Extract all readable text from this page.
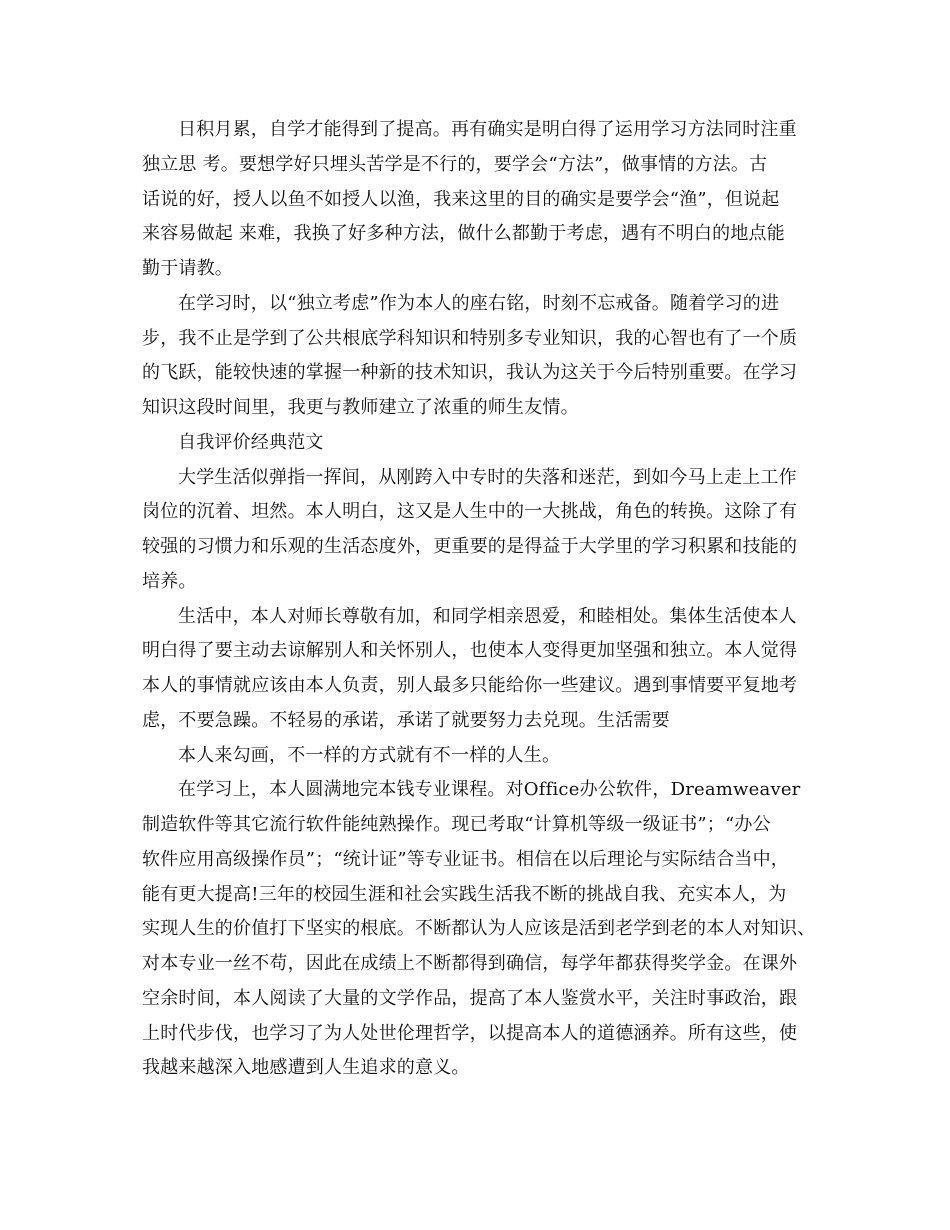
日积月累，自学才能得到了提高。再有确实是明白得了运用学习方法同时注重
独立思 考。要想学好只埋头苦学是不行的，要学会“方法”，做事情的方法。古
话说的好，授人以鱼不如授人以渔，我来这里的目的确实是要学会“渔”，但说起
来容易做起 来难，我换了好多种方法，做什么都勤于考虑，遇有不明白的地点能
勤于请教。
在学习时，以“独立考虑”作为本人的座右铭，时刻不忘戒备。随着学习的进
步，我不止是学到了公共根底学科知识和特别多专业知识，我的心智也有了一个质
的飞跃，能较快速的掌握一种新的技术知识，我认为这关于今后特别重要。在学习
知识这段时间里，我更与教师建立了浓重的师生友情。
自我评价经典范文
大学生活似弹指一挥间，从刚跨入中专时的失落和迷茫，到如今马上走上工作
岗位的沉着、坦然。本人明白，这又是人生中的一大挑战，角色的转换。这除了有
较强的习惯力和乐观的生活态度外，更重要的是得益于大学里的学习积累和技能的
培养。
生活中，本人对师长尊敬有加，和同学相亲恩爱，和睦相处。集体生活使本人
明白得了要主动去谅解别人和关怀别人，也使本人变得更加坚强和独立。本人觉得
本人的事情就应该由本人负责，别人最多只能给你一些建议。遇到事情要平复地考
虑，不要急躁。不轻易的承诺，承诺了就要努力去兑现。生活需要
本人来勾画，不一样的方式就有不一样的人生。
在学习上，本人圆满地完本钱专业课程。对Office办公软件，Dreamweaver
制造软件等其它流行软件能纯熟操作。现已考取“计算机等级一级证书”；“办公
软件应用高级操作员”；“统计证”等专业证书。相信在以后理论与实际结合当中，
能有更大提高!三年的校园生涯和社会实践生活我不断的挑战自我、充实本人，为
实现人生的价值打下坚实的根底。不断都认为人应该是活到老学到老的本人对知识、
对本专业一丝不苟，因此在成绩上不断都得到确信，每学年都获得奖学金。在课外
空余时间，本人阅读了大量的文学作品，提高了本人鉴赏水平，关注时事政治，跟
上时代步伐，也学习了为人处世伦理哲学，以提高本人的道德涵养。所有这些，使
我越来越深入地感遭到人生追求的意义。
